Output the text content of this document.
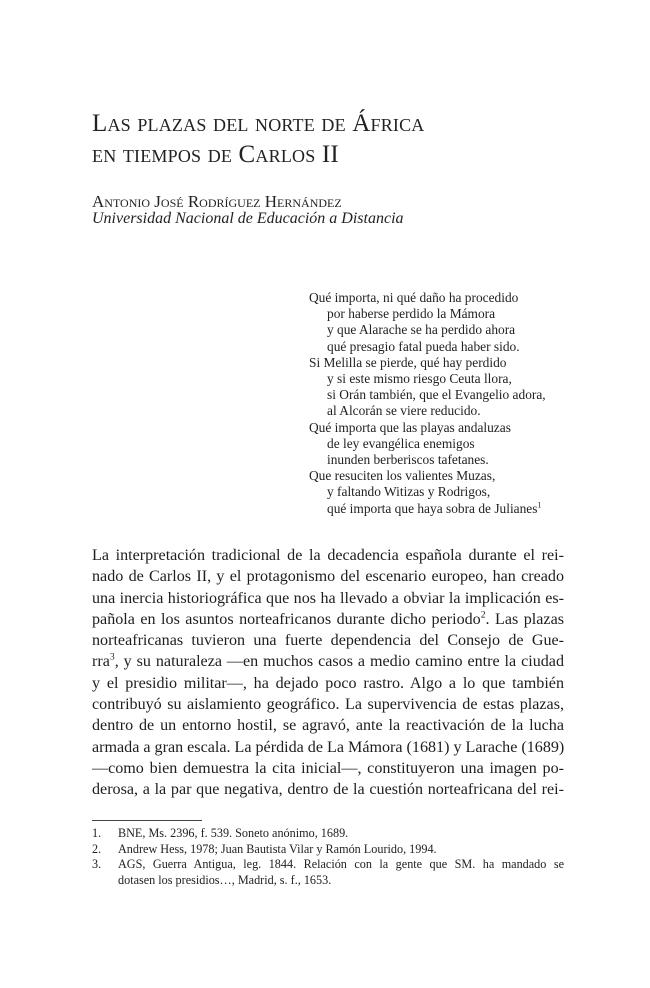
Las plazas del norte de África
en tiempos de Carlos II

Antonio José Rodríguez Hernández

Universidad Nacional de Educación a Distancia

Qué importa, ni qué daño ha procedido
por haberse perdido la Mámora
y que Alarache se ha perdido ahora
qué presagio fatal pueda haber sido.
Si Melilla se pierde, qué hay perdido
y si este mismo riesgo Ceuta llora,
si Orán también, que el Evangelio adora,
al Alcorán se viere reducido.
Qué importa que las playas andaluzas
de ley evangélica enemigos
inunden berberiscos tafetanes.
Que resuciten los valientes Muzas,
y faltando Witizas y Rodrigos,
qué importa que haya sobra de Julianes$^1$
La interpretación tradicional de la decadencia española durante el rei-
nado de Carlos II, y el protagonismo del escenario europeo, han creado
una inercia historiográfica que nos ha llevado a obviar la implicación es-
pañola en los asuntos norteafricanos durante dicho periodo$^2$. Las plazas
norteafricanas tuvieron una fuerte dependencia del Consejo de Gue-
rra$^3$, y su naturaleza —en muchos casos a medio camino entre la ciudad
y el presidio militar—, ha dejado poco rastro. Algo a lo que también
contribuyó su aislamiento geográfico. La supervivencia de estas plazas,
dentro de un entorno hostil, se agravó, ante la reactivación de la lucha
armada a gran escala. La pérdida de La Mámora (1681) y Larache (1689)
—como bien demuestra la cita inicial—, constituyeron una imagen po-
derosa, a la par que negativa, dentro de la cuestión norteafricana del rei-
1.	BNE, Ms. 2396, f. 539. Soneto anónimo, 1689.
2.	Andrew Hess, 1978; Juan Bautista Vilar y Ramón Lourido, 1994.
3.	AGS, Guerra Antigua, leg. 1844. Relación con la gente que SM. ha mandado se
dotasen los presidios…, Madrid, s. f., 1653.
